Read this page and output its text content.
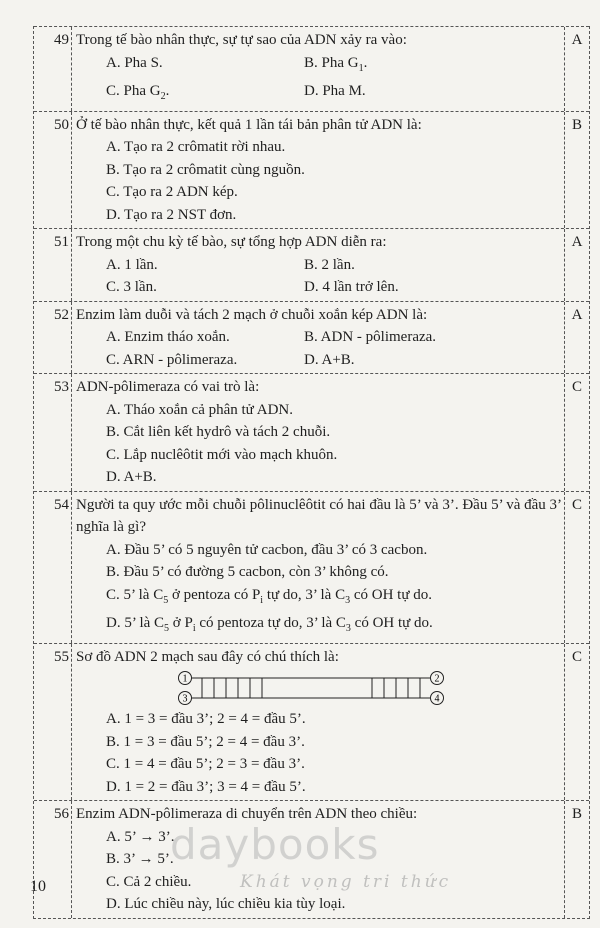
49 Trong tế bào nhân thực, sự tự sao của ADN xảy ra vào:
A. Pha S.	B. Pha $G_1$.
C. Pha $G_2$.	D. Pha M.
A
50 Ở tế bào nhân thực, kết quả 1 lần tái bản phân tử ADN là:
A. Tạo ra 2 crômatit rời nhau.
B. Tạo ra 2 crômatit cùng nguồn.
C. Tạo ra 2 ADN kép.
D. Tạo ra 2 NST đơn.
B
51 Trong một chu kỳ tế bào, sự tổng hợp ADN diễn ra:
A. 1 lần.	B. 2 lần.
C. 3 lần.	D. 4 lần trở lên.
A
52 Enzim làm duỗi và tách 2 mạch ở chuỗi xoắn kép ADN là:
A. Enzim tháo xoắn.	B. ADN - pôlimeraza.
C. ARN - pôlimeraza.	D. A+B.
A
53 ADN-pôlimeraza có vai trò là:
A. Tháo xoắn cả phân tử ADN.
B. Cắt liên kết hydrô và tách 2 chuỗi.
C. Lắp nuclêôtit mới vào mạch khuôn.
D. A+B.
C
54 Người ta quy ước mỗi chuỗi pôlinuclêôtit có hai đầu là 5’ và 3’. Đầu 5’ và đầu 3’ nghĩa là gì?
A. Đầu 5’ có 5 nguyên tử cacbon, đầu 3’ có 3 cacbon.
B. Đầu 5’ có đường 5 cacbon, còn 3’ không có.
C. 5’ là $C_5$ ở pentoza có $P_i$ tự do, 3’ là $C_3$ có OH tự do.
D. 5’ là $C_5$ ở $P_i$ có pentoza tự do, 3’ là $C_3$ có OH tự do.
C
55 Sơ đồ ADN 2 mạch sau đây có chú thích là:
1
3
2
4
A. 1 = 3 = đầu 3’; 2 = 4 = đầu 5’.
B. 1 = 3 = đầu 5’; 2 = 4 = đầu 3’.
C. 1 = 4 = đầu 5’; 2 = 3 = đầu 3’.
D. 1 = 2 = đầu 3’; 3 = 4 = đầu 5’.
C
56 Enzim ADN-pôlimeraza di chuyển trên ADN theo chiều:
A. 5’ → 3’.
B. 3’ → 5’.
C. Cả 2 chiều.
D. Lúc chiều này, lúc chiều kia tùy loại.
B
10
daybooks
Khát vọng tri thức
